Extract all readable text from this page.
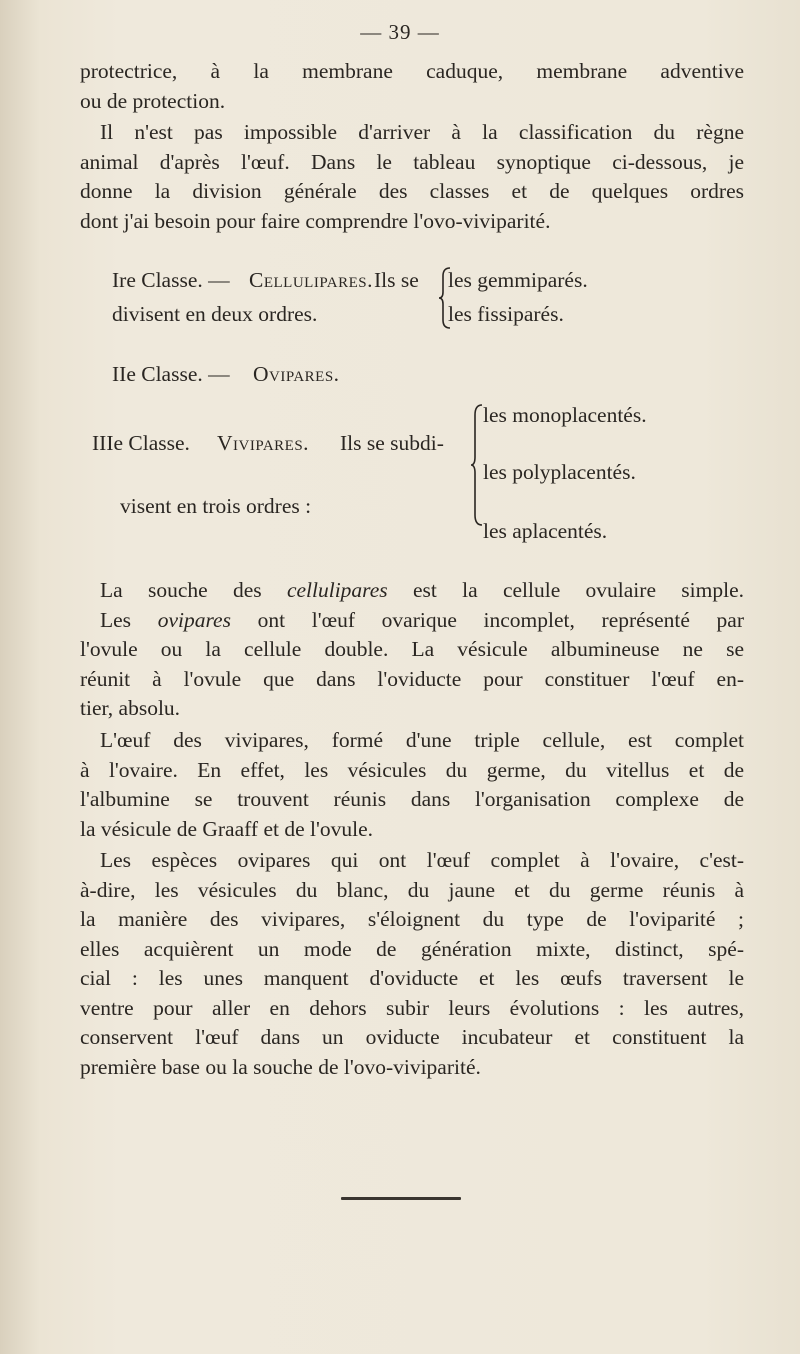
— 39 —
protectrice, à la membrane caduque, membrane adventive
ou de protection.
Il n'est pas impossible d'arriver à la classification du règne
animal d'après l'œuf. Dans le tableau synoptique ci-dessous, je
donne la division générale des classes et de quelques ordres
dont j'ai besoin pour faire comprendre l'ovo-viviparité.
Ire Classe. — Cellulipares. Ils se
divisent en deux ordres.
les gemmiparés.
les fissiparés.
IIe Classe. — Ovipares.
IIIe Classe. Vivipares. Ils se subdi-
visent en trois ordres :
les monoplacentés.
les polyplacentés.
les aplacentés.
La souche des cellulipares est la cellule ovulaire simple.
Les ovipares ont l'œuf ovarique incomplet, représenté par
l'ovule ou la cellule double. La vésicule albumineuse ne se
réunit à l'ovule que dans l'oviducte pour constituer l'œuf en-
tier, absolu.
L'œuf des vivipares, formé d'une triple cellule, est complet
à l'ovaire. En effet, les vésicules du germe, du vitellus et de
l'albumine se trouvent réunis dans l'organisation complexe de
la vésicule de Graaff et de l'ovule.
Les espèces ovipares qui ont l'œuf complet à l'ovaire, c'est-
à-dire, les vésicules du blanc, du jaune et du germe réunis à
la manière des vivipares, s'éloignent du type de l'oviparité ;
elles acquièrent un mode de génération mixte, distinct, spé-
cial : les unes manquent d'oviducte et les œufs traversent le
ventre pour aller en dehors subir leurs évolutions : les autres,
conservent l'œuf dans un oviducte incubateur et constituent la
première base ou la souche de l'ovo-viviparité.
